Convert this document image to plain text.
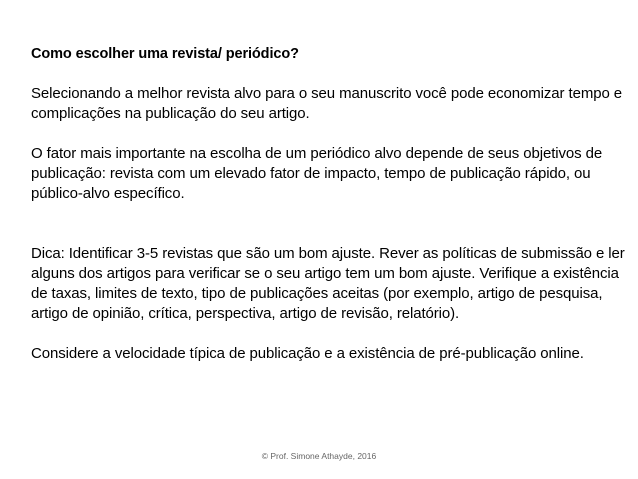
Como escolher uma revista/ periódico?

Selecionando a melhor revista alvo para o seu manuscrito você pode economizar tempo e complicações na publicação do seu artigo.

O fator mais importante na escolha de um periódico alvo depende de seus objetivos de publicação: revista com um elevado fator de impacto, tempo de publicação rápido, ou público-alvo específico.

Dica: Identificar 3-5 revistas que são um bom ajuste. Rever as políticas de submissão e ler alguns dos artigos para verificar se o seu artigo tem um bom ajuste. Verifique a existência de taxas, limites de texto, tipo de publicações aceitas (por exemplo, artigo de pesquisa, artigo de opinião, crítica, perspectiva, artigo de revisão, relatório).

Considere a velocidade típica de publicação e a existência de pré-publicação online.

© Prof. Simone Athayde, 2016
